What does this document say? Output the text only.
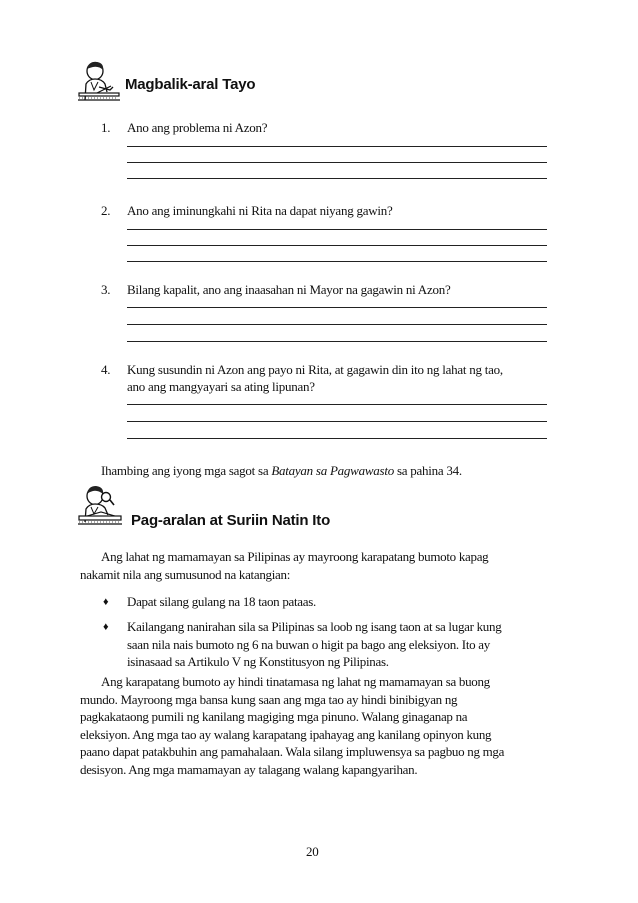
Magbalik-aral Tayo
1. Ano ang problema ni Azon?
2. Ano ang iminungkahi ni Rita na dapat niyang gawin?
3. Bilang kapalit, ano ang inaasahan ni Mayor na gagawin ni Azon?
4. Kung susundin ni Azon ang payo ni Rita, at gagawin din ito ng lahat ng tao,
ano ang mangyayari sa ating lipunan?
Ihambing ang iyong mga sagot sa Batayan sa Pagwawasto sa pahina 34.
Pag-aralan at Suriin Natin Ito
Ang lahat ng mamamayan sa Pilipinas ay mayroong karapatang bumoto kapag
nakamit nila ang sumusunod na katangian:
♦ Dapat silang gulang na 18 taon pataas.
♦ Kailangang nanirahan sila sa Pilipinas sa loob ng isang taon at sa lugar kung
saan nila nais bumoto ng 6 na buwan o higit pa bago ang eleksiyon. Ito ay
isinasaad sa Artikulo V ng Konstitusyon ng Pilipinas.
Ang karapatang bumoto ay hindi tinatamasa ng lahat ng mamamayan sa buong
mundo. Mayroong mga bansa kung saan ang mga tao ay hindi binibigyan ng
pagkakataong pumili ng kanilang magiging mga pinuno. Walang ginaganap na
eleksiyon. Ang mga tao ay walang karapatang ipahayag ang kanilang opinyon kung
paano dapat patakbuhin ang pamahalaan. Wala silang impluwensya sa pagbuo ng mga
desisyon. Ang mga mamamayan ay talagang walang kapangyarihan.
20
